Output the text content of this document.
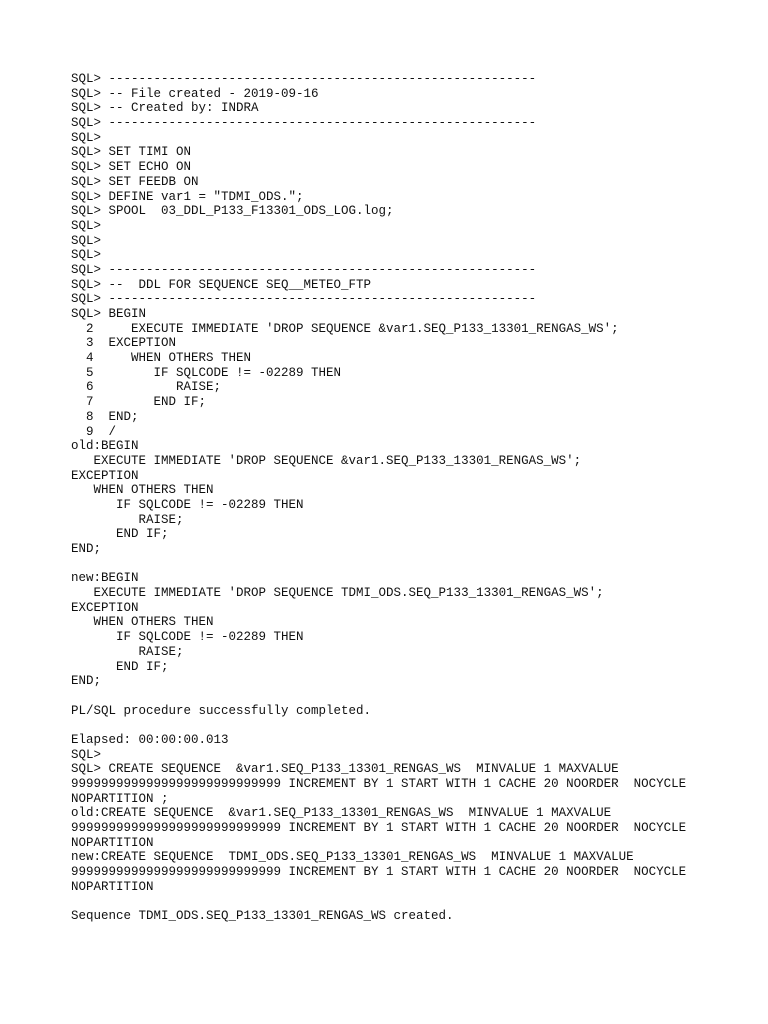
SQL> ---------------------------------------------------------
SQL> -- File created - 2019-09-16
SQL> -- Created by: INDRA
SQL> ---------------------------------------------------------
SQL>
SQL> SET TIMI ON
SQL> SET ECHO ON
SQL> SET FEEDB ON
SQL> DEFINE var1 = "TDMI_ODS.";
SQL> SPOOL  03_DDL_P133_F13301_ODS_LOG.log;
SQL>
SQL>
SQL>
SQL> ---------------------------------------------------------
SQL> --  DDL FOR SEQUENCE SEQ__METEO_FTP
SQL> ---------------------------------------------------------
SQL> BEGIN
2     EXECUTE IMMEDIATE 'DROP SEQUENCE &var1.SEQ_P133_13301_RENGAS_WS';
3  EXCEPTION
4     WHEN OTHERS THEN
5        IF SQLCODE != -02289 THEN
6           RAISE;
7        END IF;
8  END;
9  /
old:BEGIN
EXECUTE IMMEDIATE 'DROP SEQUENCE &var1.SEQ_P133_13301_RENGAS_WS';
EXCEPTION
WHEN OTHERS THEN
IF SQLCODE != -02289 THEN
RAISE;
END IF;
END;
new:BEGIN
EXECUTE IMMEDIATE 'DROP SEQUENCE TDMI_ODS.SEQ_P133_13301_RENGAS_WS';
EXCEPTION
WHEN OTHERS THEN
IF SQLCODE != -02289 THEN
RAISE;
END IF;
END;
PL/SQL procedure successfully completed.
Elapsed: 00:00:00.013
SQL>
SQL> CREATE SEQUENCE  &var1.SEQ_P133_13301_RENGAS_WS  MINVALUE 1 MAXVALUE
9999999999999999999999999999 INCREMENT BY 1 START WITH 1 CACHE 20 NOORDER  NOCYCLE
NOPARTITION ;
old:CREATE SEQUENCE  &var1.SEQ_P133_13301_RENGAS_WS  MINVALUE 1 MAXVALUE
9999999999999999999999999999 INCREMENT BY 1 START WITH 1 CACHE 20 NOORDER  NOCYCLE
NOPARTITION
new:CREATE SEQUENCE  TDMI_ODS.SEQ_P133_13301_RENGAS_WS  MINVALUE 1 MAXVALUE
9999999999999999999999999999 INCREMENT BY 1 START WITH 1 CACHE 20 NOORDER  NOCYCLE
NOPARTITION
Sequence TDMI_ODS.SEQ_P133_13301_RENGAS_WS created.
